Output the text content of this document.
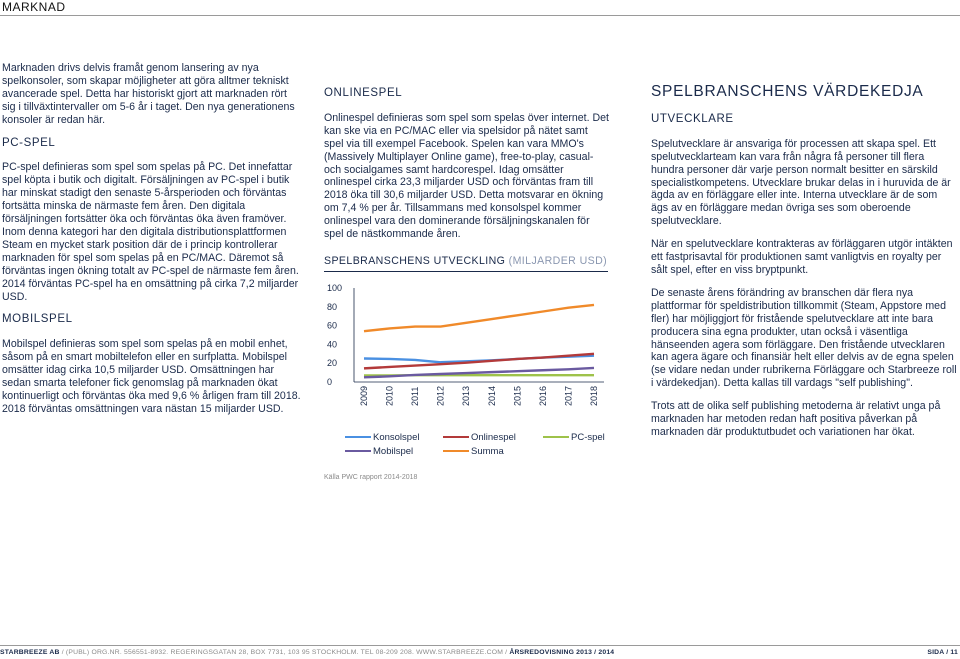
MARKNAD

Marknaden drivs delvis framåt genom lansering av nya spelkonsoler, som skapar möjligheter att göra alltmer tekniskt avancerade spel. Detta har historiskt gjort att marknaden rört sig i tillväxtintervaller om 5-6 år i taget. Den nya generationens konsoler är redan här.

PC-SPEL

PC-spel definieras som spel som spelas på PC. Det innefattar spel köpta i butik och digitalt. Försäljningen av PC-spel i butik har minskat stadigt den senaste 5-årsperioden och förväntas fortsätta minska de närmaste fem åren. Den digitala försäljningen fortsätter öka och förväntas öka även framöver. Inom denna kategori har den digitala distributionsplattformen Steam en mycket stark position där de i princip kontrollerar marknaden för spel som spelas på en PC/MAC. Däremot så förväntas ingen ökning totalt av PC-spel de närmaste fem åren. 2014 förväntas PC-spel ha en omsättning på cirka 7,2 miljarder USD.

MOBILSPEL

Mobilspel definieras som spel som spelas på en mobil enhet, såsom på en smart mobiltelefon eller en surfplatta. Mobilspel omsätter idag cirka 10,5 miljarder USD. Omsättningen har sedan smarta telefoner fick genomslag på marknaden ökat kontinuerligt och förväntas öka med 9,6 % årligen fram till 2018. 2018 förväntas omsättningen vara nästan 15 miljarder USD.

ONLINESPEL

Onlinespel definieras som spel som spelas över internet. Det kan ske via en PC/MAC eller via spelsidor på nätet samt spel via till exempel Facebook. Spelen kan vara MMO's (Massively Multiplayer Online game), free-to-play, casual- och socialgames samt hardcorespel. Idag omsätter onlinespel cirka 23,3 miljarder USD och förväntas fram till 2018 öka till 30,6 miljarder USD. Detta motsvarar en ökning om 7,4 % per år. Tillsammans med konsolspel kommer onlinespel vara den dominerande försäljningskanalen för spel de nästkommande åren.

SPELBRANSCHENS UTVECKLING (MILJARDER USD)
0
20
40
60
80
100
2009 2010 2011 2012 2013 2014 2015 2016 2017 2018
Konsolspel	Onlinespel	PC-spel
Mobilspel	Summa
Källa PWC rapport 2014-2018
SPELBRANSCHENS VÄRDEKEDJA
UTVECKLARE

Spelutvecklare är ansvariga för processen att skapa spel. Ett spelutvecklarteam kan vara från några få personer till flera hundra personer där varje person normalt besitter en särskild specialistkompetens. Utvecklare brukar delas in i huruvida de är ägda av en förläggare eller inte. Interna utvecklare är de som ägs av en förläggare medan övriga ses som oberoende spelutvecklare.

När en spelutvecklare kontrakteras av förläggaren utgör intäkten ett fastprisavtal för produktionen samt vanligtvis en royalty per sålt spel, efter en viss bryptpunkt.

De senaste årens förändring av branschen där flera nya plattformar för speldistribution tillkommit (Steam, Appstore med fler) har möjliggjort för fristående spelutvecklare att inte bara producera sina egna produkter, utan också i väsentliga hänseenden agera som förläggare. Den fristående utvecklaren kan agera ägare och finansiär helt eller delvis av de egna spelen (se vidare nedan under rubrikerna Förläggare och Starbreeze roll i värdekedjan). Detta kallas till vardags "self publishing".

Trots att de olika self publishing metoderna är relativt unga på marknaden har metoden redan haft positiva påverkan på marknaden där produktutbudet och variationen har ökat.

STARBREEZE AB / (PUBL) ORG.NR. 556551-8932. REGERINGSGATAN 28, BOX 7731, 103 95 STOCKHOLM. TEL 08-209 208. WWW.STARBREEZE.COM / ÅRSREDOVISNING 2013 / 2014	SIDA / 11
